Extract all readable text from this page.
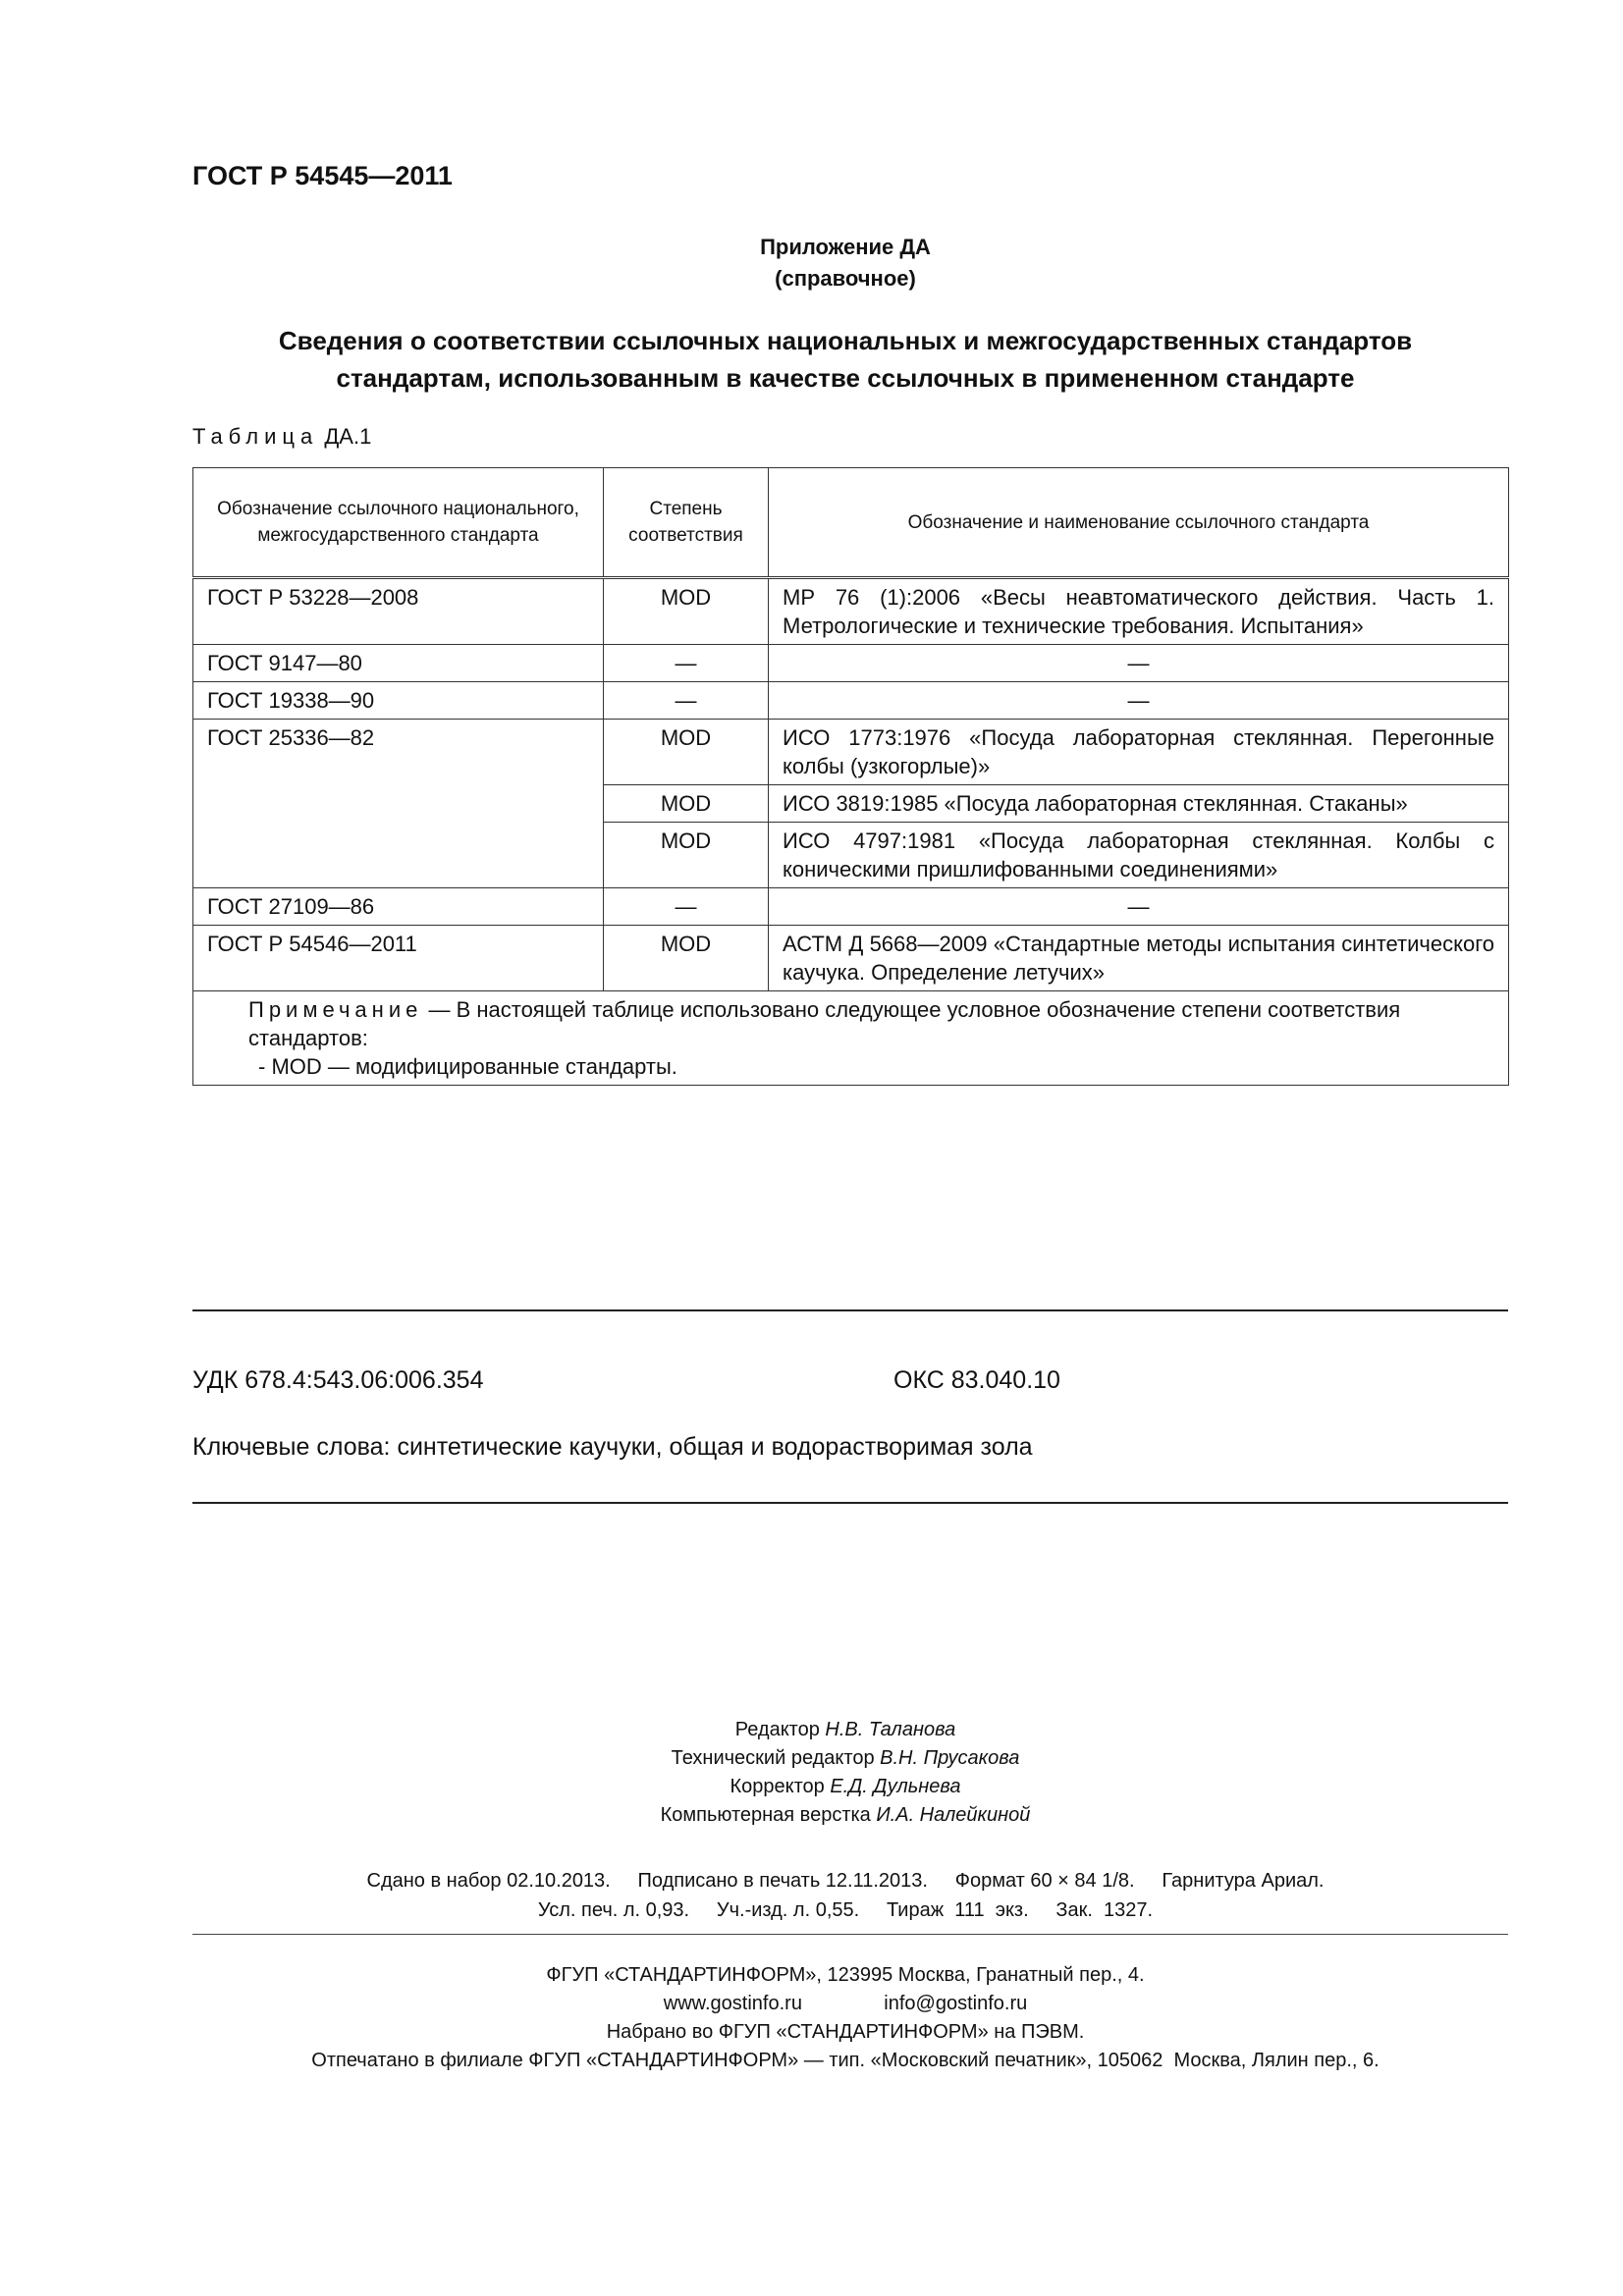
ГОСТ Р 54545—2011
Приложение ДА
(справочное)
Сведения о соответствии ссылочных национальных и межгосударственных стандартов
стандартам, использованным в качестве ссылочных в примененном стандарте
Таблица ДА.1
Обозначение ссылочного национального, межгосударственного стандарта	Степень соответствия	Обозначение и наименование ссылочного стандарта
ГОСТ Р 53228—2008	MOD	МР 76 (1):2006 «Весы неавтоматического действия. Часть 1. Метрологические и технические требования. Испытания»
ГОСТ 9147—80	—	—
ГОСТ 19338—90	—	—
ГОСТ 25336—82	MOD	ИСО 1773:1976 «Посуда лабораторная стеклянная. Перегонные колбы (узкогорлые)»
	MOD	ИСО 3819:1985 «Посуда лабораторная стеклянная. Стаканы»
	MOD	ИСО 4797:1981 «Посуда лабораторная стеклянная. Колбы с коническими пришлифованными соединениями»
ГОСТ 27109—86	—	—
ГОСТ Р 54546—2011	MOD	АСТМ Д 5668—2009 «Стандартные методы испытания синтетического каучука. Определение летучих»

Примечание — В настоящей таблице использовано следующее условное обозначение степени соответствия стандартов:
- MOD — модифицированные стандарты.		
УДК 678.4:543.06:006.354	ОКС 83.040.10
Ключевые слова: синтетические каучуки, общая и водорастворимая зола
Редактор Н.В. Таланова
Технический редактор В.Н. Прусакова
Корректор Е.Д. Дульнева
Компьютерная верстка И.А. Налейкиной
Сдано в набор 02.10.2013.     Подписано в печать 12.11.2013.     Формат 60 × 84 1/8.     Гарнитура Ариал.
Усл. печ. л. 0,93.     Уч.-изд. л. 0,55.     Тираж  111  экз.     Зак.  1327.
ФГУП «СТАНДАРТИНФОРМ», 123995 Москва, Гранатный пер., 4.
www.gostinfo.ru               info@gostinfo.ru
Набрано во ФГУП «СТАНДАРТИНФОРМ» на ПЭВМ.
Отпечатано в филиале ФГУП «СТАНДАРТИНФОРМ» — тип. «Московский печатник», 105062  Москва, Лялин пер., 6.
